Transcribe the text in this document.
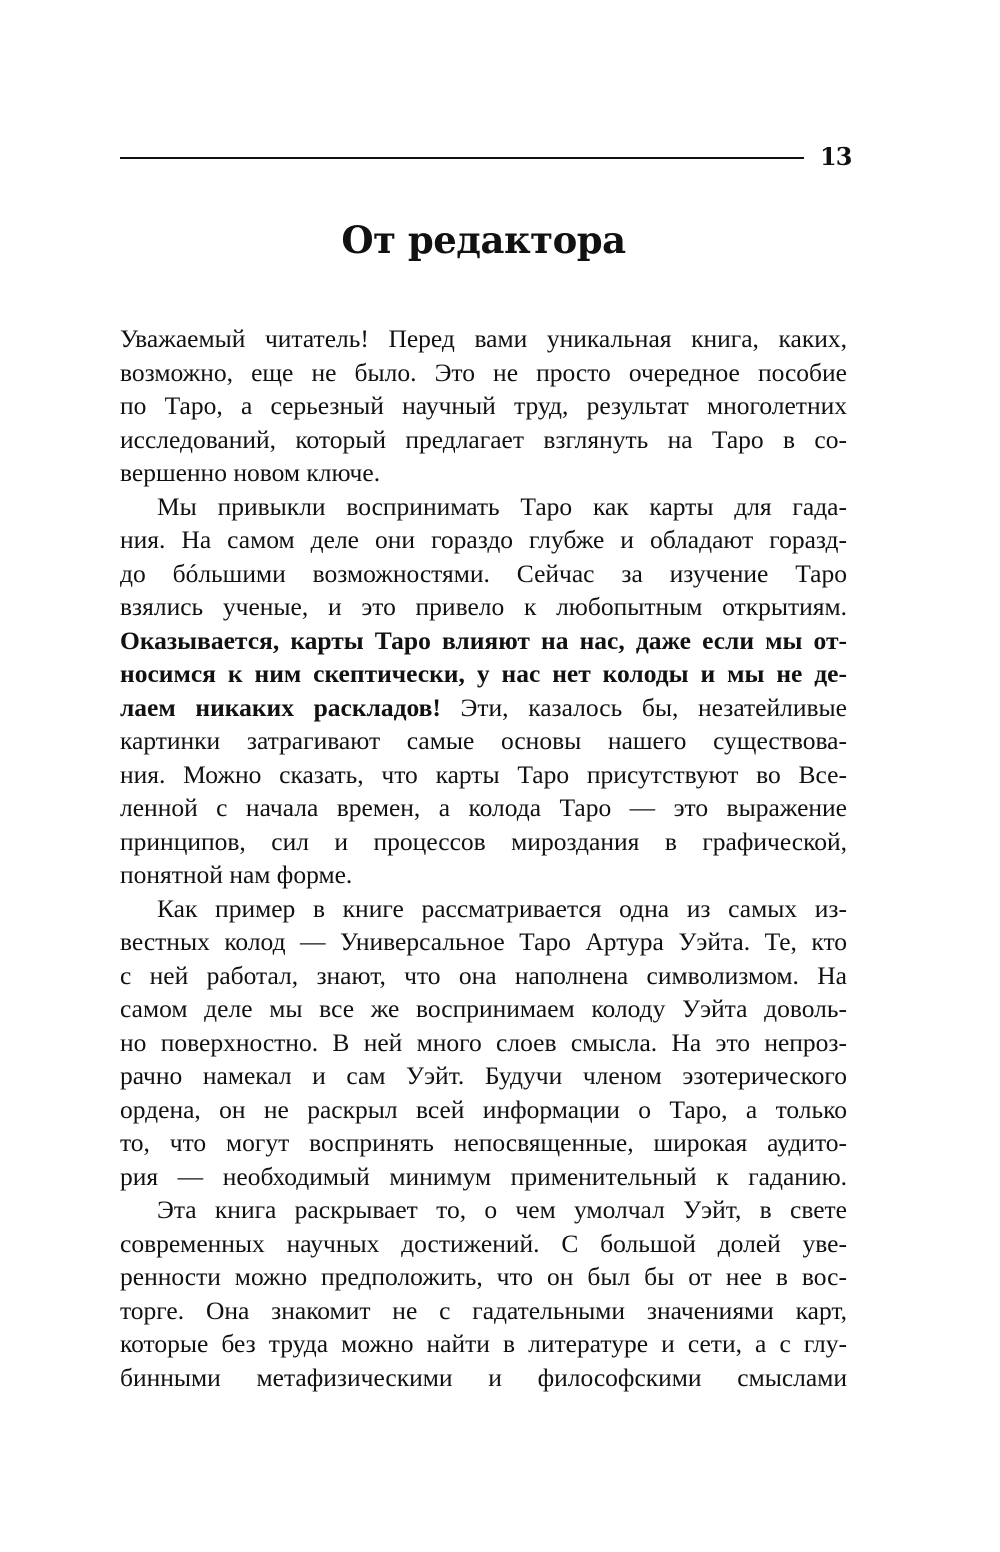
13
От редактора
Уважаемый читатель! Перед вами уникальная книга, каких,
возможно, еще не было. Это не просто очередное пособие
по Таро, а серьезный научный труд, результат многолетних
исследований, который предлагает взглянуть на Таро в со-
вершенно новом ключе.
Мы привыкли воспринимать Таро как карты для гада-
ния. На самом деле они гораздо глубже и обладают горазд-
до бóльшими возможностями. Сейчас за изучение Таро
взялись ученые, и это привело к любопытным открытиям.
Оказывается, карты Таро влияют на нас, даже если мы от-
носимся к ним скептически, у нас нет колоды и мы не де-
лаем никаких раскладов! Эти, казалось бы, незатейливые
картинки затрагивают самые основы нашего существова-
ния. Можно сказать, что карты Таро присутствуют во Все-
ленной с начала времен, а колода Таро — это выражение
принципов, сил и процессов мироздания в графической,
понятной нам форме.
Как пример в книге рассматривается одна из самых из-
вестных колод — Универсальное Таро Артура Уэйта. Те, кто
с ней работал, знают, что она наполнена символизмом. На
самом деле мы все же воспринимаем колоду Уэйта доволь-
но поверхностно. В ней много слоев смысла. На это непроз-
рачно намекал и сам Уэйт. Будучи членом эзотерического
ордена, он не раскрыл всей информации о Таро, а только
то, что могут воспринять непосвященные, широкая аудито-
рия — необходимый минимум применительный к гаданию.
Эта книга раскрывает то, о чем умолчал Уэйт, в свете
современных научных достижений. С большой долей уве-
ренности можно предположить, что он был бы от нее в вос-
торге. Она знакомит не с гадательными значениями карт,
которые без труда можно найти в литературе и сети, а с глу-
бинными метафизическими и философскими смыслами
